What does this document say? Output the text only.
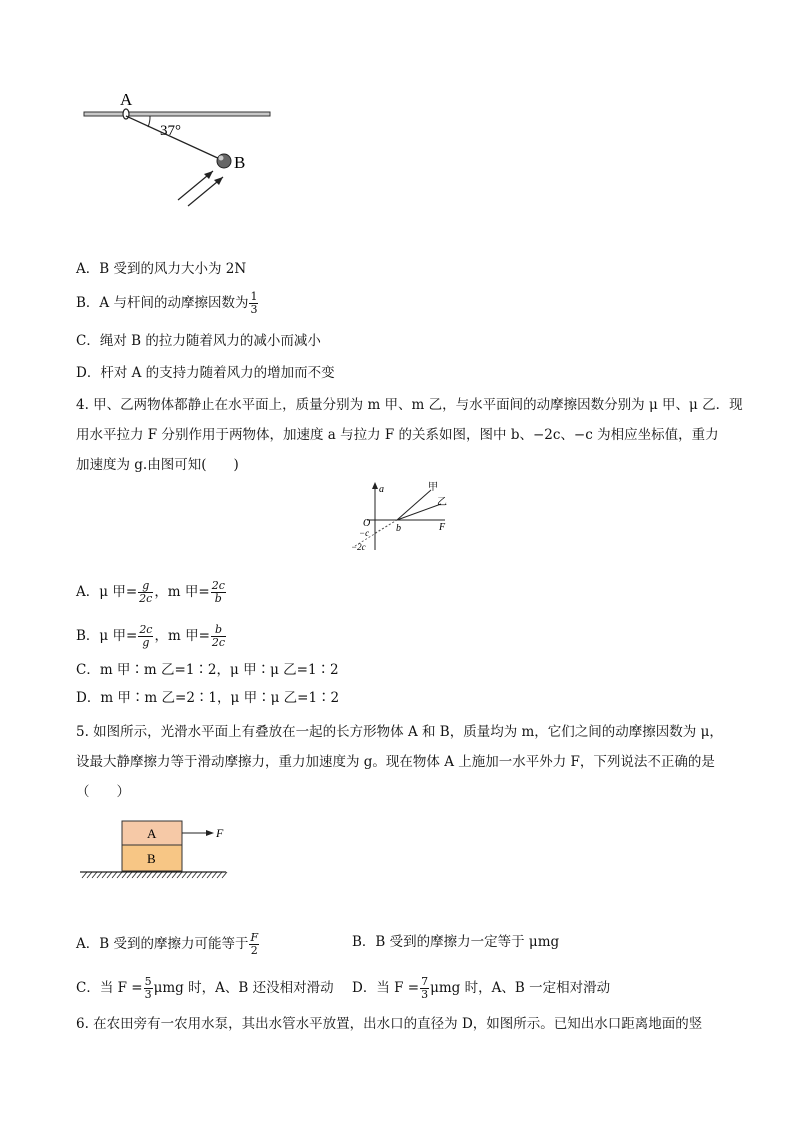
A
37°
B
A．B 受到的风力大小为 2N
B．A 与杆间的动摩擦因数为 $\frac{1}{3}$
C．绳对 B 的拉力随着风力的减小而减小
D．杆对 A 的支持力随着风力的增加而不变
4. 甲、乙两物体都静止在水平面上，质量分别为 m 甲、m 乙，与水平面间的动摩擦因数分别为 μ 甲、μ 乙．现
用水平拉力 F 分别作用于两物体，加速度 a 与拉力 F 的关系如图，图中 b、−2c、−c 为相应坐标值，重力
加速度为 g.由图可知(　　)
a
F
O	b
−c
−2c
甲
乙
A．μ 甲= $\frac{g}{2c}$ ，m 甲= $\frac{2c}{b}$
B．μ 甲= $\frac{2c}{g}$ ，m 甲= $\frac{b}{2c}$
C．m 甲∶m 乙=1∶2，μ 甲∶μ 乙=1∶2
D．m 甲∶m 乙=2∶1，μ 甲∶μ 乙=1∶2
5. 如图所示，光滑水平面上有叠放在一起的长方形物体 A 和 B，质量均为 m，它们之间的动摩擦因数为 μ，
设最大静摩擦力等于滑动摩擦力，重力加速度为 g。现在物体 A 上施加一水平外力 F，下列说法不正确的是
（　　）
A
B
F
A．B 受到的摩擦力可能等于 $\frac{F}{2}$	B．B 受到的摩擦力一定等于 μmg
C．当 $F = \frac{5}{3}$ μmg 时，A、B 还没相对滑动 D．当 $F = \frac{7}{3}$ μmg 时，A、B 一定相对滑动
6. 在农田旁有一农用水泵，其出水管水平放置，出水口的直径为 D，如图所示。已知出水口距离地面的竖
